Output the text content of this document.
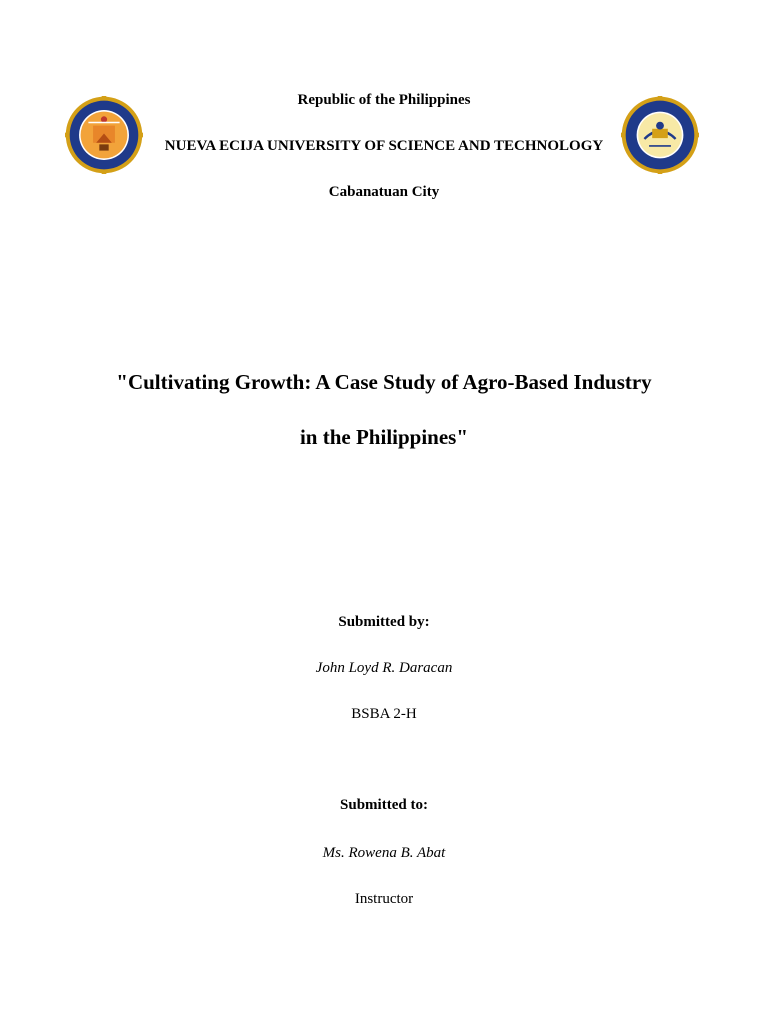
Republic of the Philippines
NUEVA ECIJA UNIVERSITY OF SCIENCE AND TECHNOLOGY
Cabanatuan City
"Cultivating Growth: A Case Study of Agro-Based Industry
in the Philippines"
Submitted by:
John Loyd R. Daracan
BSBA 2-H
Submitted to:
Ms. Rowena B. Abat
Instructor
